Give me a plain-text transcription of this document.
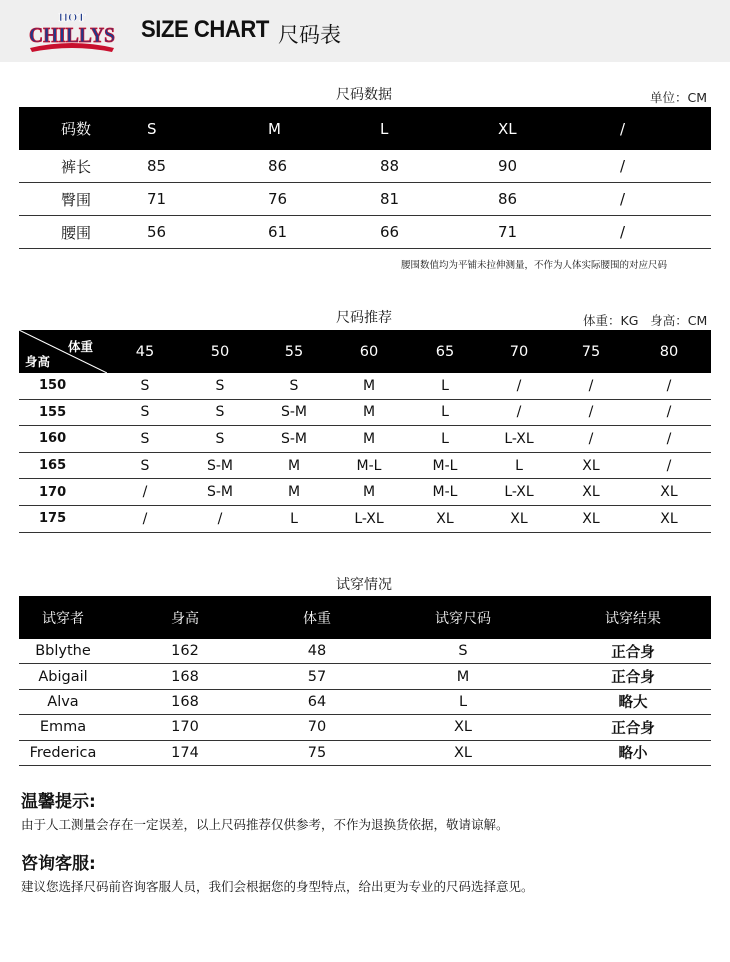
HOT
CHILLYS SIZE CHART 尺码表
尺码数据	单位：CM
码数	S	M	L	XL	/
裤长	85	86	88	90	/
臀围	71	76	81	86	/
腰围	56	61	66	71	/
腰围数值均为平铺未拉伸测量，不作为人体实际腰围的对应尺码
尺码推荐	体重：KG   身高：CM
体重
身高	45	50	55	60	65	70	75	80
150	S	S	S	M	L	/	/	/
155	S	S	S-M	M	L	/	/	/
160	S	S	S-M	M	L	L-XL	/	/
165	S	S-M	M	M-L	M-L	L	XL	/
170	/	S-M	M	M	M-L	L-XL	XL	XL
175	/	/	L	L-XL	XL	XL	XL	XL
试穿情况
试穿者	身高	体重	试穿尺码	试穿结果
Bblythe	162	48	S	正合身
Abigail	168	57	M	正合身
Alva	168	64	L	略大
Emma	170	70	XL	正合身
Frederica	174	75	XL	略小
温馨提示:
由于人工测量会存在一定误差，以上尺码推荐仅供参考，不作为退换货依据，敬请谅解。
咨询客服:
建议您选择尺码前咨询客服人员，我们会根据您的身型特点，给出更为专业的尺码选择意见。
